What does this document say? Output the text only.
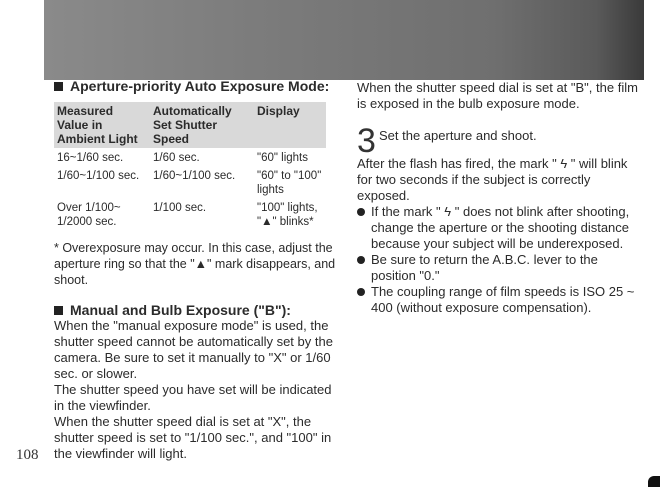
Aperture-priority Auto Exposure Mode:
Measured Value in Ambient Light	Automatically Set Shutter Speed	Display
16~1/60 sec.	1/60 sec.	"60" lights
1/60~1/100 sec.	1/60~1/100 sec.	"60" to "100" lights
Over 1/100~ 1/2000 sec.	1/100 sec.	"100" lights, "▲" blinks*

* Overexposure may occur. In this case, adjust the aperture ring so that the "▲" mark disappears, and shoot.

Manual and Bulb Exposure ("B"):

When the "manual exposure mode" is used, the shutter speed cannot be automatically set by the camera. Be sure to set it manually to "X" or 1/60 sec. or slower.

The shutter speed you have set will be indicated in the viewfinder.

When the shutter speed dial is set at "X", the shutter speed is set to "1/100 sec.", and "100" in the viewfinder will light.

When the shutter speed dial is set at "B", the film is exposed in the bulb exposure mode.

3 Set the aperture and shoot.

After the flash has fired, the mark " ϟ " will blink for two seconds if the subject is correctly exposed.

If the mark " ϟ " does not blink after shooting, change the aperture or the shooting distance because your subject will be underexposed.
Be sure to return the A.B.C. lever to the position "0."
The coupling range of film speeds is ISO 25 ~ 400 (without exposure compensation).
108
